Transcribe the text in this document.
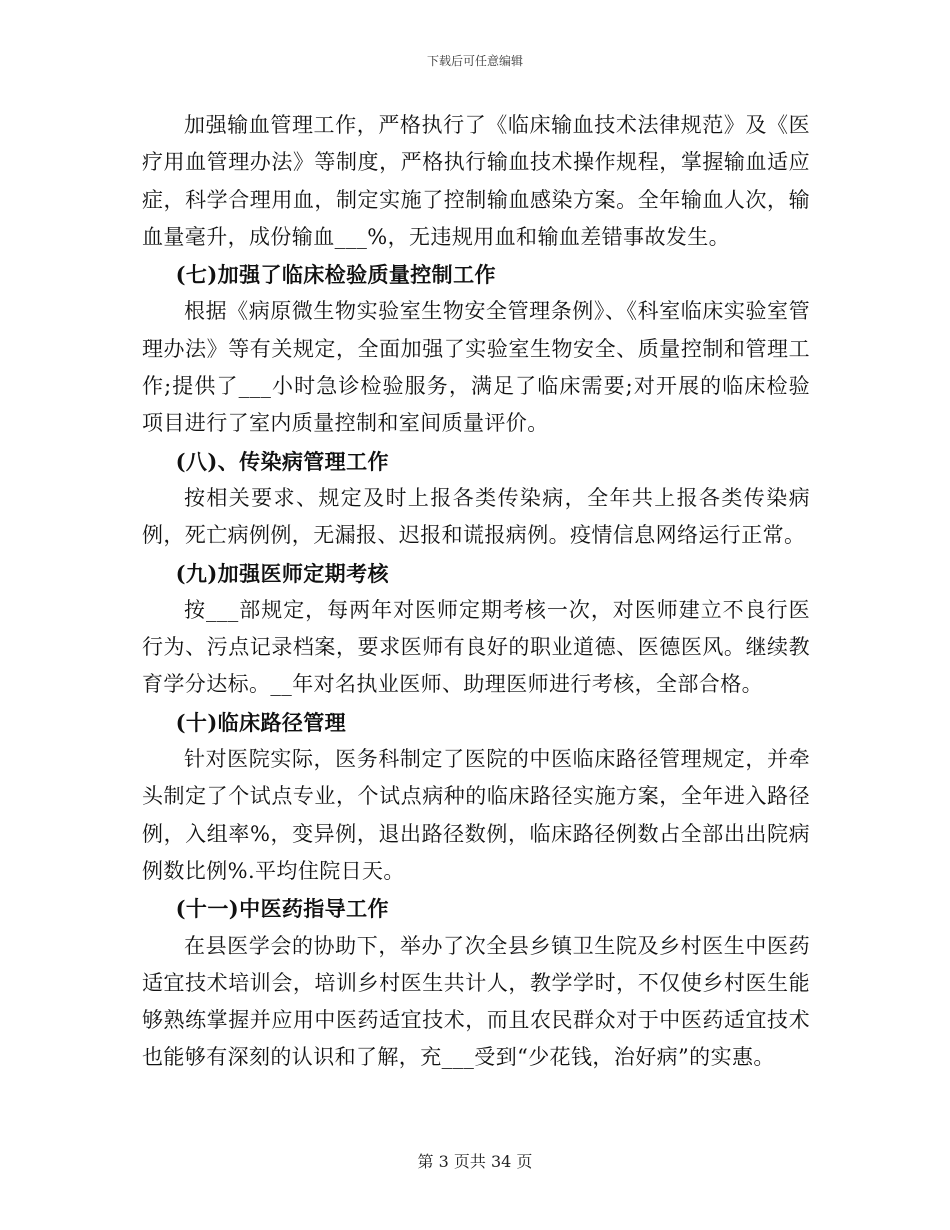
下载后可任意编辑

加强输血管理工作，严格执行了《临床输血技术法律规范》及《医疗用血管理办法》等制度，严格执行输血技术操作规程，掌握输血适应症，科学合理用血，制定实施了控制输血感染方案。全年输血人次，输血量毫升，成份输血___%，无违规用血和输血差错事故发生。

(七)加强了临床检验质量控制工作

根据《病原微生物实验室生物安全管理条例》、《科室临床实验室管理办法》等有关规定，全面加强了实验室生物安全、质量控制和管理工作;提供了___小时急诊检验服务，满足了临床需要;对开展的临床检验项目进行了室内质量控制和室间质量评价。

(八)、传染病管理工作

按相关要求、规定及时上报各类传染病，全年共上报各类传染病例，死亡病例例，无漏报、迟报和谎报病例。疫情信息网络运行正常。

(九)加强医师定期考核

按___部规定，每两年对医师定期考核一次，对医师建立不良行医行为、污点记录档案，要求医师有良好的职业道德、医德医风。继续教育学分达标。__年对名执业医师、助理医师进行考核，全部合格。

(十)临床路径管理

针对医院实际，医务科制定了医院的中医临床路径管理规定，并牵头制定了个试点专业，个试点病种的临床路径实施方案，全年进入路径例，入组率%，变异例，退出路径数例，临床路径例数占全部出出院病例数比例%.平均住院日天。

(十一)中医药指导工作

在县医学会的协助下，举办了次全县乡镇卫生院及乡村医生中医药适宜技术培训会，培训乡村医生共计人，教学学时，不仅使乡村医生能够熟练掌握并应用中医药适宜技术，而且农民群众对于中医药适宜技术也能够有深刻的认识和了解，充___受到“少花钱，治好病”的实惠。

第 3 页共 34 页
